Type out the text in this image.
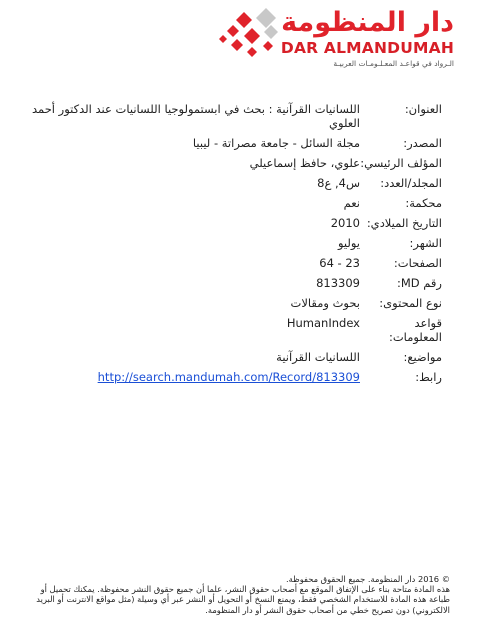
دار المنظومة
DAR ALMANDUMAH
الـرواد في قواعـد المعـلـومـات العربيـة
العنوان:
اللسانيات القرآنية : بحث في ابستمولوجيا اللسانيات عند الدكتور أحمد العلوي
المصدر:
مجلة السائل - جامعة مصراتة - ليبيا
المؤلف الرئيسي:
علوي، حافظ إسماعيلي
المجلد/العدد:
س4, ع8
محكمة:
نعم
التاريخ الميلادي:
2010
الشهر:
يوليو
الصفحات:
23 - 64
رقم MD:
813309
نوع المحتوى:
بحوث ومقالات
قواعد المعلومات:
HumanIndex
مواضيع:
اللسانيات القرآنية
رابط:
http://search.mandumah.com/Record/813309
© 2016 دار المنظومة. جميع الحقوق محفوظة.
هذه المادة متاحة بناء على الإتفاق الموقع مع أصحاب حقوق النشر، علما أن جميع حقوق النشر محفوظة. يمكنك تحميل أو طباعة هذه المادة للاستخدام الشخصي فقط، ويمنع النسخ أو التحويل أو النشر عبر أي وسيلة (مثل مواقع الانترنت أو البريد الالكتروني) دون تصريح خطي من أصحاب حقوق النشر أو دار المنظومة.
